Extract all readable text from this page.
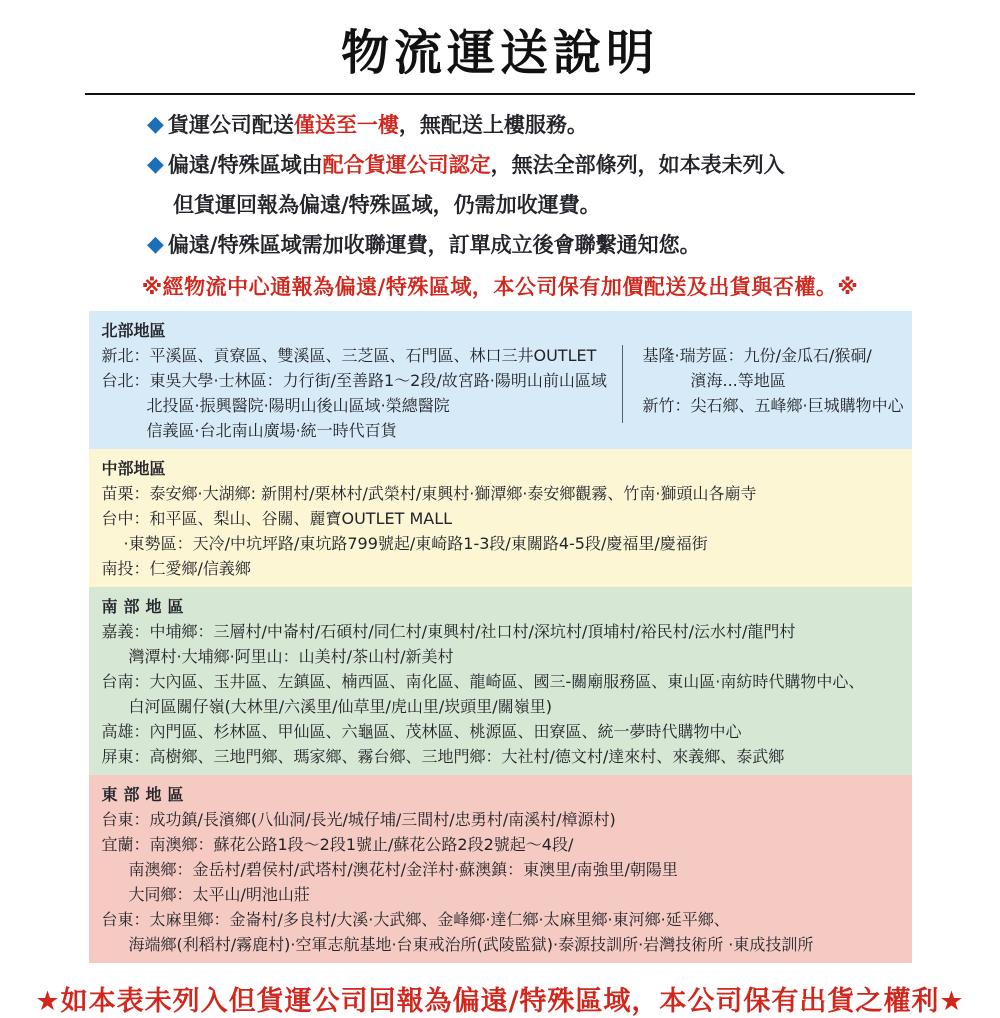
物流運送說明
◆ 貨運公司配送僅送至一樓，無配送上樓服務。
◆ 偏遠/特殊區域由配合貨運公司認定，無法全部條列，如本表未列入
但貨運回報為偏遠/特殊區域，仍需加收運費。
◆ 偏遠/特殊區域需加收聯運費，訂單成立後會聯繫通知您。
※經物流中心通報為偏遠/特殊區域，本公司保有加價配送及出貨與否權。※
北部地區
新北：平溪區、貢寮區、雙溪區、三芝區、石門區、林口三井OUTLET
台北：東吳大學·士林區：力行街/至善路1～2段/故宮路·陽明山前山區域
北投區·振興醫院·陽明山後山區域·榮總醫院
信義區·台北南山廣場·統一時代百貨
基隆·瑞芳區：九份/金瓜石/猴硐/
濱海...等地區
新竹：尖石鄉、五峰鄉·巨城購物中心
中部地區
苗栗：泰安鄉·大湖鄉: 新開村/栗林村/武榮村/東興村·獅潭鄉·泰安鄉觀霧、竹南·獅頭山各廟寺
台中：和平區、梨山、谷關、麗寶OUTLET MALL
·東勢區：天冷/中坑坪路/東坑路799號起/東崎路1-3段/東關路4-5段/慶福里/慶福街
南投：仁愛鄉/信義鄉
南部地區
嘉義：中埔鄉：三層村/中崙村/石碩村/同仁村/東興村/社口村/深坑村/頂埔村/裕民村/沄水村/龍門村
灣潭村·大埔鄉·阿里山：山美村/茶山村/新美村
台南：大內區、玉井區、左鎮區、楠西區、南化區、龍崎區、國三-關廟服務區、東山區·南紡時代購物中心、
白河區關仔嶺(大林里/六溪里/仙草里/虎山里/崁頭里/關嶺里)
高雄：內門區、杉林區、甲仙區、六龜區、茂林區、桃源區、田寮區、統一夢時代購物中心
屏東：高樹鄉、三地門鄉、瑪家鄉、霧台鄉、三地門鄉：大社村/德文村/達來村、來義鄉、泰武鄉
東部地區
台東：成功鎮/長濱鄉(八仙洞/長光/城仔埔/三間村/忠勇村/南溪村/樟源村)
宜蘭：南澳鄉：蘇花公路1段～2段1號止/蘇花公路2段2號起～4段/
南澳鄉：金岳村/碧侯村/武塔村/澳花村/金洋村·蘇澳鎮：東澳里/南強里/朝陽里
大同鄉：太平山/明池山莊
台東：太麻里鄉：金崙村/多良村/大溪·大武鄉、金峰鄉·達仁鄉·太麻里鄉·東河鄉·延平鄉、
海端鄉(利稻村/霧鹿村)·空軍志航基地·台東戒治所(武陵監獄)·泰源技訓所·岩灣技術所 ·東成技訓所
★如本表未列入但貨運公司回報為偏遠/特殊區域，本公司保有出貨之權利★
